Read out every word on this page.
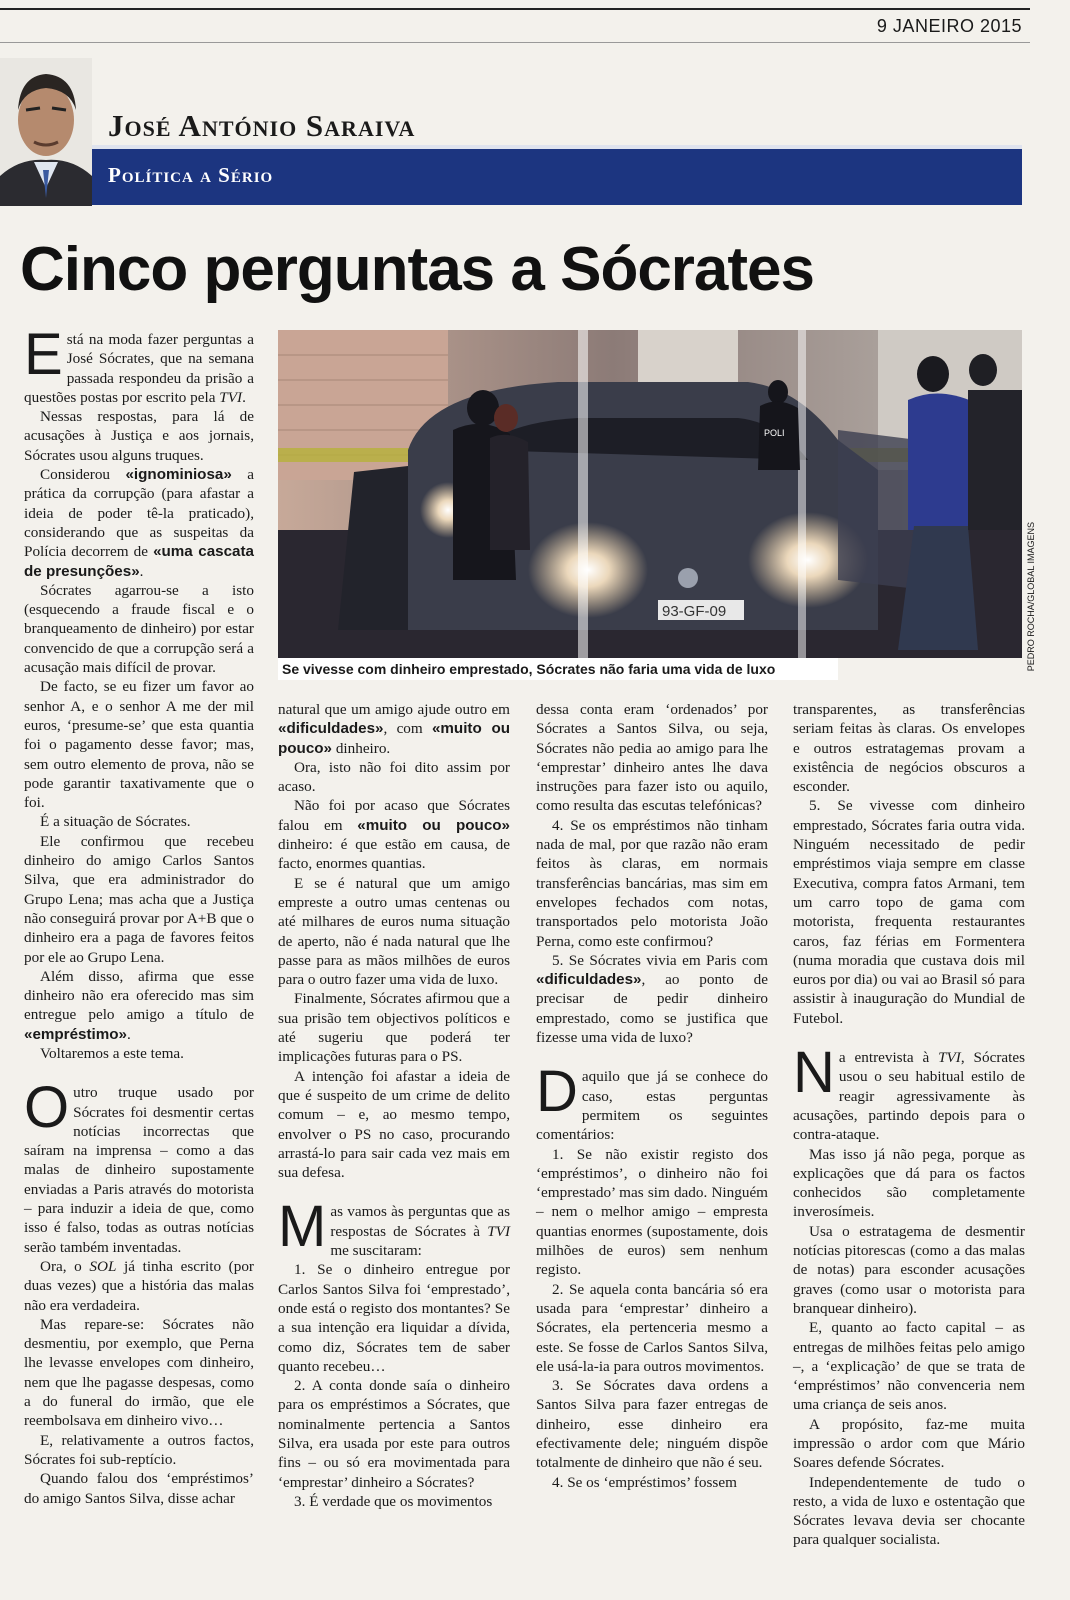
9 JANEIRO 2015
José António Saraiva
Política a Sério
Cinco perguntas a Sócrates
93-GF-09
POLI
PEDRO ROCHA/GLOBAL IMAGENS
Se vivesse com dinheiro emprestado, Sócrates não faria uma vida de luxo

Está na moda fazer perguntas a José Sócrates, que na semana passada respondeu da prisão a questões postas por escrito pela TVI.

Nessas respostas, para lá de acusações à Justiça e aos jornais, Sócrates usou alguns truques.

Considerou «ignominiosa» a prática da corrupção (para afastar a ideia de poder tê-la praticado), considerando que as suspeitas da Polícia decorrem de «uma cascata de presunções».

Sócrates agarrou-se a isto (esquecendo a fraude fiscal e o branqueamento de dinheiro) por estar convencido de que a corrupção será a acusação mais difícil de provar.

De facto, se eu fizer um favor ao senhor A, e o senhor A me der mil euros, ‘presume-se’ que esta quantia foi o pagamento desse favor; mas, sem outro elemento de prova, não se pode garantir taxativamente que o foi.

É a situação de Sócrates.

Ele confirmou que recebeu dinheiro do amigo Carlos Santos Silva, que era administrador do Grupo Lena; mas acha que a Justiça não conseguirá provar por A+B que o dinheiro era a paga de favores feitos por ele ao Grupo Lena.

Além disso, afirma que esse dinheiro não era oferecido mas sim entregue pelo amigo a título de «empréstimo».

Voltaremos a este tema.

Outro truque usado por Sócrates foi desmentir certas notícias incorrectas que saíram na imprensa – como a das malas de dinheiro supostamente enviadas a Paris através do motorista – para induzir a ideia de que, como isso é falso, todas as outras notícias serão também inventadas.

Ora, o SOL já tinha escrito (por duas vezes) que a história das malas não era verdadeira.

Mas repare-se: Sócrates não desmentiu, por exemplo, que Perna lhe levasse envelopes com dinheiro, nem que lhe pagasse despesas, como a do funeral do irmão, que ele reembolsava em dinheiro vivo…

E, relativamente a outros factos, Sócrates foi sub-reptício.

Quando falou dos ‘empréstimos’ do amigo Santos Silva, disse achar

natural que um amigo ajude outro em «dificuldades», com «muito ou pouco» dinheiro.

Ora, isto não foi dito assim por acaso.

Não foi por acaso que Sócrates falou em «muito ou pouco» dinheiro: é que estão em causa, de facto, enormes quantias.

E se é natural que um amigo empreste a outro umas centenas ou até milhares de euros numa situação de aperto, não é nada natural que lhe passe para as mãos milhões de euros para o outro fazer uma vida de luxo.

Finalmente, Sócrates afirmou que a sua prisão tem objectivos políticos e até sugeriu que poderá ter implicações futuras para o PS.

A intenção foi afastar a ideia de que é suspeito de um crime de delito comum – e, ao mesmo tempo, envolver o PS no caso, procurando arrastá-lo para sair cada vez mais em sua defesa.

Mas vamos às perguntas que as respostas de Sócrates à TVI me suscitaram:

1. Se o dinheiro entregue por Carlos Santos Silva foi ‘emprestado’, onde está o registo dos montantes? Se a sua intenção era liquidar a dívida, como diz, Sócrates tem de saber quanto recebeu…

2. A conta donde saía o dinheiro para os empréstimos a Sócrates, que nominalmente pertencia a Santos Silva, era usada por este para outros fins – ou só era movimentada para ‘emprestar’ dinheiro a Sócrates?

3. É verdade que os movimentos

dessa conta eram ‘ordenados’ por Sócrates a Santos Silva, ou seja, Sócrates não pedia ao amigo para lhe ‘emprestar’ dinheiro antes lhe dava instruções para fazer isto ou aquilo, como resulta das escutas telefónicas?

4. Se os empréstimos não tinham nada de mal, por que razão não eram feitos às claras, em normais transferências bancárias, mas sim em envelopes fechados com notas, transportados pelo motorista João Perna, como este confirmou?

5. Se Sócrates vivia em Paris com «dificuldades», ao ponto de precisar de pedir dinheiro emprestado, como se justifica que fizesse uma vida de luxo?

Daquilo que já se conhece do caso, estas perguntas permitem os seguintes comentários:

1. Se não existir registo dos ‘empréstimos’, o dinheiro não foi ‘emprestado’ mas sim dado. Ninguém – nem o melhor amigo – empresta quantias enormes (supostamente, dois milhões de euros) sem nenhum registo.

2. Se aquela conta bancária só era usada para ‘emprestar’ dinheiro a Sócrates, ela pertenceria mesmo a este. Se fosse de Carlos Santos Silva, ele usá-la-ia para outros movimentos.

3. Se Sócrates dava ordens a Santos Silva para fazer entregas de dinheiro, esse dinheiro era efectivamente dele; ninguém dispõe totalmente de dinheiro que não é seu.

4. Se os ‘empréstimos’ fossem

transparentes, as transferências seriam feitas às claras. Os envelopes e outros estratagemas provam a existência de negócios obscuros a esconder.

5. Se vivesse com dinheiro emprestado, Sócrates faria outra vida. Ninguém necessitado de pedir empréstimos viaja sempre em classe Executiva, compra fatos Armani, tem um carro topo de gama com motorista, frequenta restaurantes caros, faz férias em Formentera (numa moradia que custava dois mil euros por dia) ou vai ao Brasil só para assistir à inauguração do Mundial de Futebol.

Na entrevista à TVI, Sócrates usou o seu habitual estilo de reagir agressivamente às acusações, partindo depois para o contra-ataque.

Mas isso já não pega, porque as explicações que dá para os factos conhecidos são completamente inverosímeis.

Usa o estratagema de desmentir notícias pitorescas (como a das malas de notas) para esconder acusações graves (como usar o motorista para branquear dinheiro).

E, quanto ao facto capital – as entregas de milhões feitas pelo amigo –, a ‘explicação’ de que se trata de ‘empréstimos’ não convenceria nem uma criança de seis anos.

A propósito, faz-me muita impressão o ardor com que Mário Soares defende Sócrates.

Independentemente de tudo o resto, a vida de luxo e ostentação que Sócrates levava devia ser chocante para qualquer socialista.
